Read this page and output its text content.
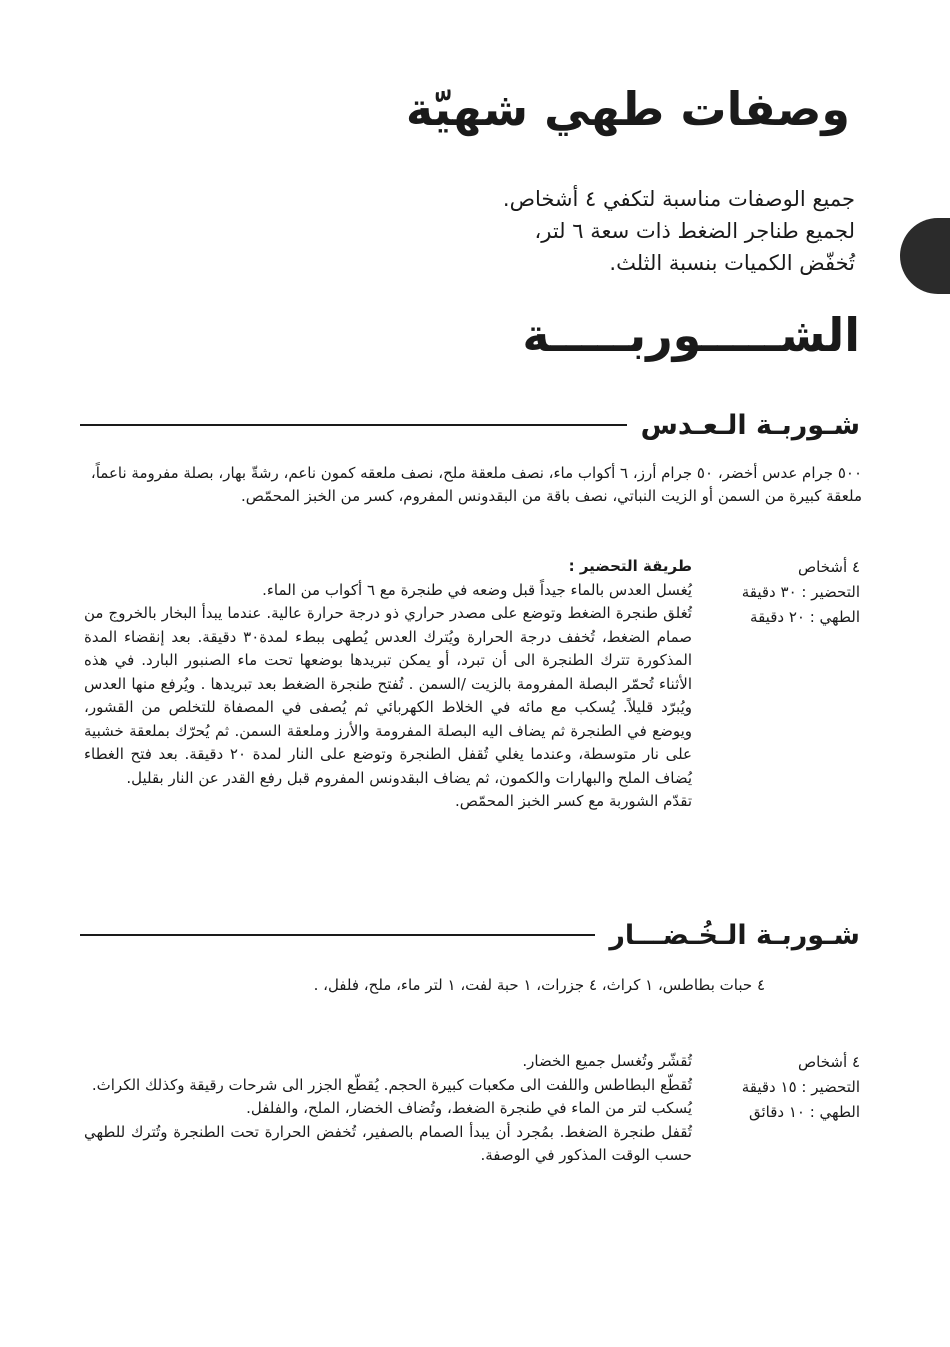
وصفات طهي شهيّة
جميع الوصفات مناسبة لتكفي ٤ أشخاص.
لجميع طناجر الضغط ذات سعة ٦ لتر،
تُخفّض الكميات بنسبة الثلث.
الشـــــوربـــــة
شـوربـة الـعـدس
٥٠٠ جرام عدس أخضر، ٥٠ جرام أرز، ٦ أكواب ماء، نصف ملعقة ملح، نصف ملعقه كمون ناعم، رشةّ بهار، بصلة مفرومة ناعماً، ملعقة كبيرة من السمن أو الزيت النباتي، نصف باقة من البقدونس المفروم، كسر من الخبز المحمّص.
٤ أشخاص
التحضير : ٣٠ دقيقة
الطهي : ٢٠ دقيقة
طريقة التحضير :

يُغسل العدس بالماء جيداً قبل وضعه في طنجرة مع ٦ أكواب من الماء.

تُغلق طنجرة الضغط وتوضع على مصدر حراري ذو درجة حرارة عالية. عندما يبدأ البخار بالخروج من صمام الضغط، تُخفف درجة الحرارة ويُترك العدس يُطهى ببطء لمدة٣٠ دقيقة. بعد إنقضاء المدة المذكورة تترك الطنجرة الى أن تبرد، أو يمكن تبريدها بوضعها تحت ماء الصنبور البارد. في هذه الأثناء تُحمّر البصلة المفرومة بالزيت /السمن . تُفتح طنجرة الضغط بعد تبريدها . ويُرفع منها العدس ويُبرّد قليلاً. يُسكب مع مائه في الخلاط الكهربائي ثم يُصفى في المصفاة للتخلص من القشور، ويوضع في الطنجرة ثم يضاف اليه البصلة المفرومة والأرز وملعقة السمن. ثم يُحرّك بملعقة خشبية على نار متوسطة، وعندما يغلي تُقفل الطنجرة وتوضع على النار لمدة ٢٠ دقيقة. بعد فتح الغطاء يُضاف الملح والبهارات والكمون، ثم يضاف البقدونس المفروم قبل رفع القدر عن النار بقليل.

تقدّم الشوربة مع كسر الخبز المحمّص.

شـوربـة الـخُـضـــار
٤ حبات بطاطس، ١ كراث، ٤ جزرات، ١ حبة لفت، ١ لتر ماء، ملح، فلفل، .
٤ أشخاص
التحضير : ١٥ دقيقة
الطهي : ١٠ دقائق

تُقشّر وتُغسل جميع الخضار.

تُقطّع البطاطس واللفت الى مكعبات كبيرة الحجم. يُقطّع الجزر الى شرحات رقيقة وكذلك الكراث.

يُسكب لتر من الماء في طنجرة الضغط، وتُضاف الخضار، الملح، والفلفل.

تُقفل طنجرة الضغط. بمُجرد أن يبدأ الصمام بالصفير، تُخفض الحرارة تحت الطنجرة وتُترك للطهي حسب الوقت المذكور في الوصفة.
